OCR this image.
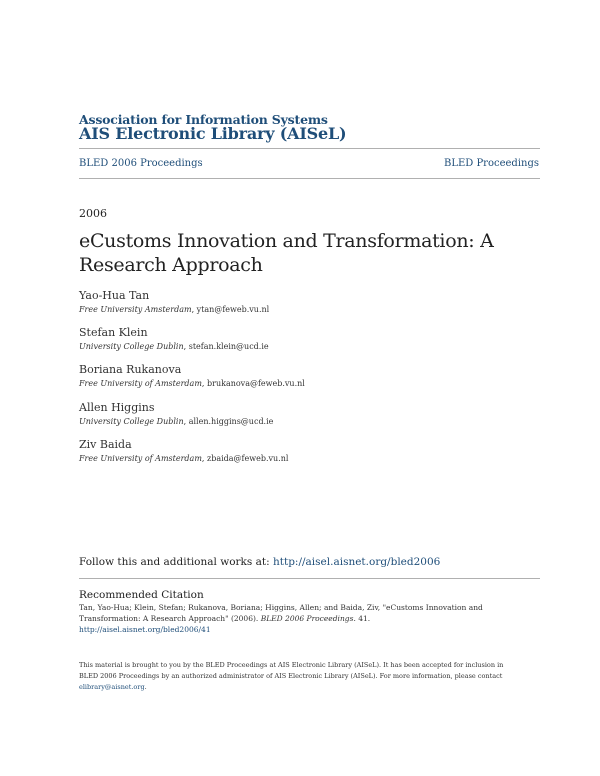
Association for Information Systems
AIS Electronic Library (AISeL)
BLED 2006 Proceedings	BLED Proceedings
2006
eCustoms Innovation and Transformation: A Research Approach
Yao-Hua Tan
Free University Amsterdam, ytan@feweb.vu.nl
Stefan Klein
University College Dublin, stefan.klein@ucd.ie
Boriana Rukanova
Free University of Amsterdam, brukanova@feweb.vu.nl
Allen Higgins
University College Dublin, allen.higgins@ucd.ie
Ziv Baida
Free University of Amsterdam, zbaida@feweb.vu.nl
Follow this and additional works at: http://aisel.aisnet.org/bled2006
Recommended Citation
Tan, Yao-Hua; Klein, Stefan; Rukanova, Boriana; Higgins, Allen; and Baida, Ziv, "eCustoms Innovation and Transformation: A Research Approach" (2006). BLED 2006 Proceedings. 41.
http://aisel.aisnet.org/bled2006/41
This material is brought to you by the BLED Proceedings at AIS Electronic Library (AISeL). It has been accepted for inclusion in BLED 2006 Proceedings by an authorized administrator of AIS Electronic Library (AISeL). For more information, please contact elibrary@aisnet.org.
